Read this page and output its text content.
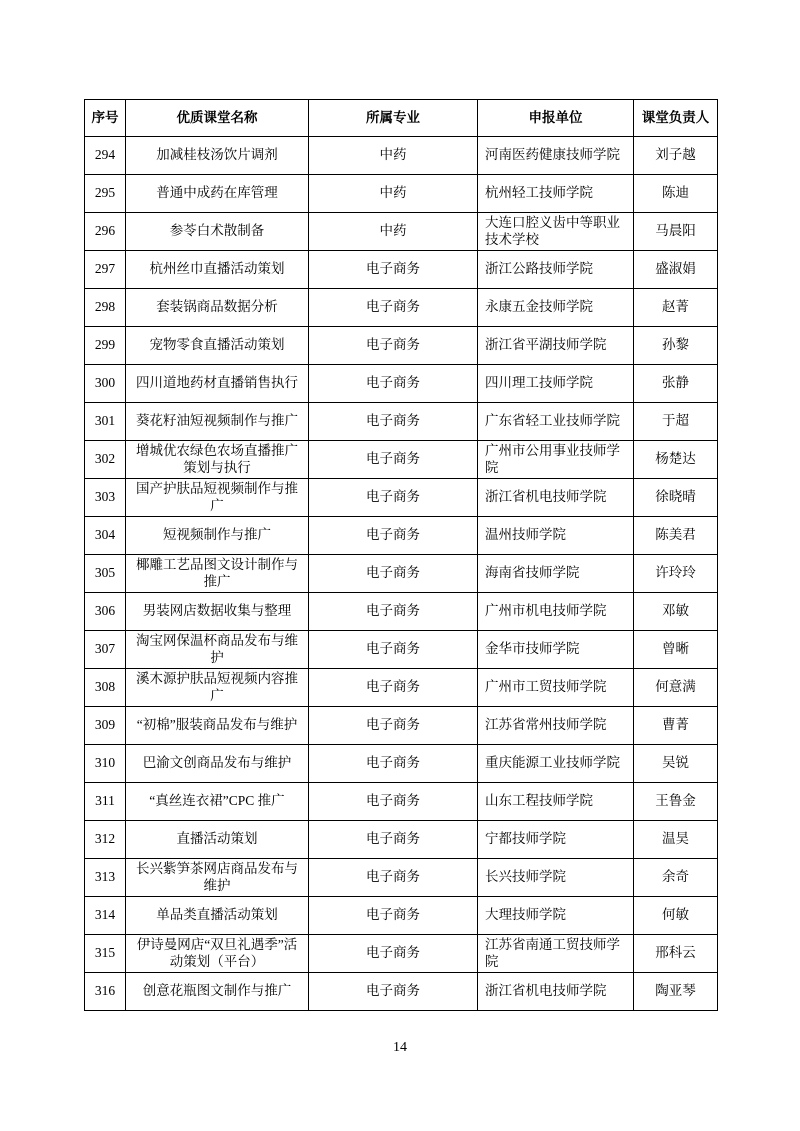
序号	优质课堂名称	所属专业	申报单位	课堂负责人
294	加减桂枝汤饮片调剂	中药	河南医药健康技师学院	刘子越
295	普通中成药在库管理	中药	杭州轻工技师学院	陈迪
296	参苓白术散制备	中药	大连口腔义齿中等职业技术学校	马晨阳
297	杭州丝巾直播活动策划	电子商务	浙江公路技师学院	盛淑娟
298	套装锅商品数据分析	电子商务	永康五金技师学院	赵菁
299	宠物零食直播活动策划	电子商务	浙江省平湖技师学院	孙黎
300	四川道地药材直播销售执行	电子商务	四川理工技师学院	张静
301	葵花籽油短视频制作与推广	电子商务	广东省轻工业技师学院	于超
302	增城优农绿色农场直播推广策划与执行	电子商务	广州市公用事业技师学院	杨楚达
303	国产护肤品短视频制作与推广	电子商务	浙江省机电技师学院	徐晓晴
304	短视频制作与推广	电子商务	温州技师学院	陈美君
305	椰雕工艺品图文设计制作与推广	电子商务	海南省技师学院	许玲玲
306	男装网店数据收集与整理	电子商务	广州市机电技师学院	邓敏
307	淘宝网保温杯商品发布与维护	电子商务	金华市技师学院	曾晰
308	溪木源护肤品短视频内容推广	电子商务	广州市工贸技师学院	何意满
309	“初棉”服装商品发布与维护	电子商务	江苏省常州技师学院	曹菁
310	巴渝文创商品发布与维护	电子商务	重庆能源工业技师学院	吴锐
311	“真丝连衣裙”CPC 推广	电子商务	山东工程技师学院	王鲁金
312	直播活动策划	电子商务	宁都技师学院	温昊
313	长兴紫笋茶网店商品发布与维护	电子商务	长兴技师学院	余奇
314	单品类直播活动策划	电子商务	大理技师学院	何敏
315	伊诗曼网店“双旦礼遇季”活动策划（平台）	电子商务	江苏省南通工贸技师学院	邢科云
316	创意花瓶图文制作与推广	电子商务	浙江省机电技师学院	陶亚琴
14
